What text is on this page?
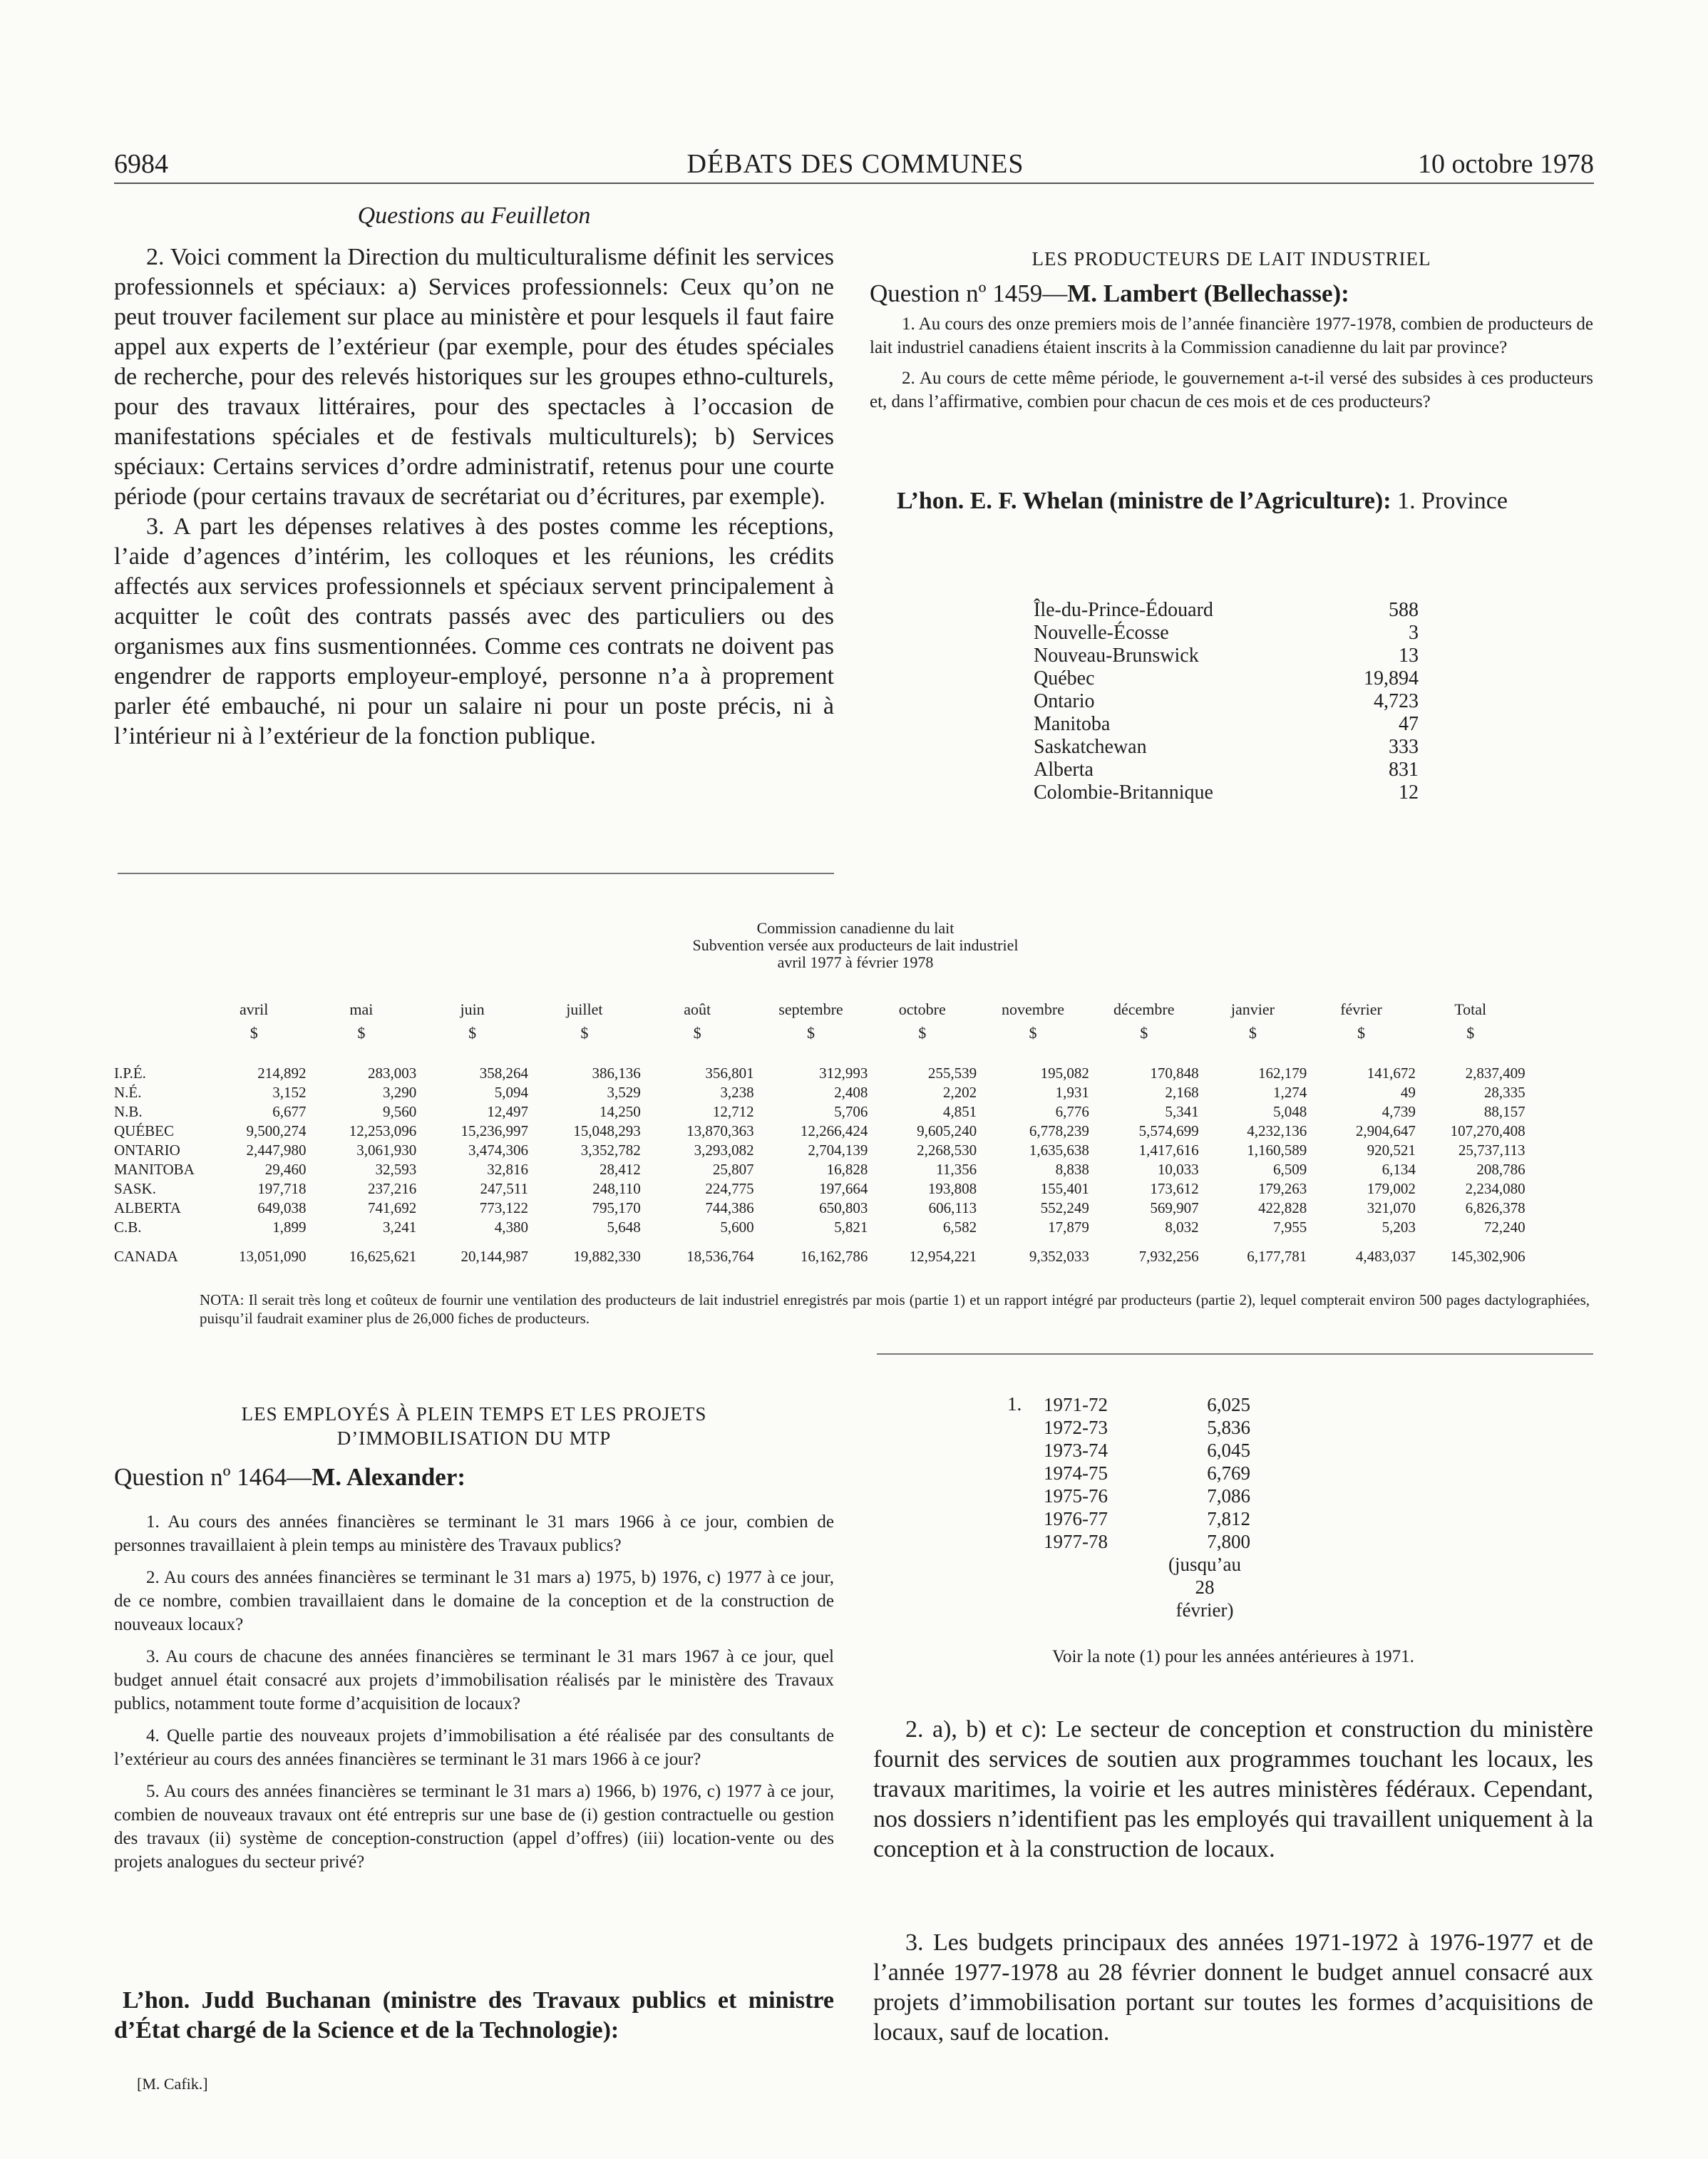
6984	DÉBATS DES COMMUNES	10 octobre 1978
Questions au Feuilleton

2. Voici comment la Direction du multiculturalisme définit les services professionnels et spéciaux: a) Services professionnels: Ceux qu’on ne peut trouver facilement sur place au ministère et pour lesquels il faut faire appel aux experts de l’extérieur (par exemple, pour des études spéciales de recherche, pour des relevés historiques sur les groupes ethno-culturels, pour des travaux littéraires, pour des spectacles à l’occasion de manifestations spéciales et de festivals multiculturels); b) Services spéciaux: Certains services d’ordre administratif, retenus pour une courte période (pour certains travaux de secrétariat ou d’écritures, par exemple).

3. A part les dépenses relatives à des postes comme les réceptions, l’aide d’agences d’intérim, les colloques et les réunions, les crédits affectés aux services professionnels et spéciaux servent principalement à acquitter le coût des contrats passés avec des particuliers ou des organismes aux fins susmentionnées. Comme ces contrats ne doivent pas engendrer de rapports employeur-employé, personne n’a à proprement parler été embauché, ni pour un salaire ni pour un poste précis, ni à l’intérieur ni à l’extérieur de la fonction publique.

LES PRODUCTEURS DE LAIT INDUSTRIEL
Question nº 1459—M. Lambert (Bellechasse):

1. Au cours des onze premiers mois de l’année financière 1977-1978, combien de producteurs de lait industriel canadiens étaient inscrits à la Commission canadienne du lait par province?

2. Au cours de cette même période, le gouvernement a-t-il versé des subsides à ces producteurs et, dans l’affirmative, combien pour chacun de ces mois et de ces producteurs?

L’hon. E. F. Whelan (ministre de l’Agriculture): 1. Province
Île-du-Prince-Édouard	588
Nouvelle-Écosse	3
Nouveau-Brunswick	13
Québec	19,894
Ontario	4,723
Manitoba	47
Saskatchewan	333
Alberta	831
Colombie-Britannique	12
Commission canadienne du lait
Subvention versée aux producteurs de lait industriel
avril 1977 à février 1978
	avril	mai	juin	juillet	août	septembre	octobre	novembre	décembre	janvier	février	Total	
	$	$	$	$	$	$	$	$	$	$	$	$	
I.P.É.	214,892	283,003	358,264	386,136	356,801	312,993	255,539	195,082	170,848	162,179	141,672	2,837,409	
N.É.	3,152	3,290	5,094	3,529	3,238	2,408	2,202	1,931	2,168	1,274	49	28,335	
N.B.	6,677	9,560	12,497	14,250	12,712	5,706	4,851	6,776	5,341	5,048	4,739	88,157	
QUÉBEC	9,500,274	12,253,096	15,236,997	15,048,293	13,870,363	12,266,424	9,605,240	6,778,239	5,574,699	4,232,136	2,904,647	107,270,408	
ONTARIO	2,447,980	3,061,930	3,474,306	3,352,782	3,293,082	2,704,139	2,268,530	1,635,638	1,417,616	1,160,589	920,521	25,737,113	
MANITOBA	29,460	32,593	32,816	28,412	25,807	16,828	11,356	8,838	10,033	6,509	6,134	208,786	
SASK.	197,718	237,216	247,511	248,110	224,775	197,664	193,808	155,401	173,612	179,263	179,002	2,234,080	
ALBERTA	649,038	741,692	773,122	795,170	744,386	650,803	606,113	552,249	569,907	422,828	321,070	6,826,378	
C.B.	1,899	3,241	4,380	5,648	5,600	5,821	6,582	17,879	8,032	7,955	5,203	72,240	
CANADA	13,051,090	16,625,621	20,144,987	19,882,330	18,536,764	16,162,786	12,954,221	9,352,033	7,932,256	6,177,781	4,483,037	145,302,906	
NOTA: Il serait très long et coûteux de fournir une ventilation des producteurs de lait industriel enregistrés par mois (partie 1) et un rapport intégré par producteurs (partie 2), lequel compterait environ 500 pages dactylographiées, puisqu’il faudrait examiner plus de 26,000 fiches de producteurs.
LES EMPLOYÉS À PLEIN TEMPS ET LES PROJETS
D’IMMOBILISATION DU MTP
Question nº 1464—M. Alexander:

1. Au cours des années financières se terminant le 31 mars 1966 à ce jour, combien de personnes travaillaient à plein temps au ministère des Travaux publics?

2. Au cours des années financières se terminant le 31 mars a) 1975, b) 1976, c) 1977 à ce jour, de ce nombre, combien travaillaient dans le domaine de la conception et de la construction de nouveaux locaux?

3. Au cours de chacune des années financières se terminant le 31 mars 1967 à ce jour, quel budget annuel était consacré aux projets d’immobilisation réalisés par le ministère des Travaux publics, notamment toute forme d’acquisition de locaux?

4. Quelle partie des nouveaux projets d’immobilisation a été réalisée par des consultants de l’extérieur au cours des années financières se terminant le 31 mars 1966 à ce jour?

5. Au cours des années financières se terminant le 31 mars a) 1966, b) 1976, c) 1977 à ce jour, combien de nouveaux travaux ont été entrepris sur une base de (i) gestion contractuelle ou gestion des travaux (ii) système de conception-construction (appel d’offres) (iii) location-vente ou des projets analogues du secteur privé?

L’hon. Judd Buchanan (ministre des Travaux publics et ministre d’État chargé de la Science et de la Technologie):
[M. Cafik.]
1. 1971-72	6,025
1972-73	5,836
1973-74	6,045
1974-75	6,769
1975-76	7,086
1976-77	7,812
1977-78	7,800
(jusqu’au
28
février)
Voir la note (1) pour les années antérieures à 1971.

2. a), b) et c): Le secteur de conception et construction du ministère fournit des services de soutien aux programmes touchant les locaux, les travaux maritimes, la voirie et les autres ministères fédéraux. Cependant, nos dossiers n’identifient pas les employés qui travaillent uniquement à la conception et à la construction de locaux.

3. Les budgets principaux des années 1971-1972 à 1976-1977 et de l’année 1977-1978 au 28 février donnent le budget annuel consacré aux projets d’immobilisation portant sur toutes les formes d’acquisitions de locaux, sauf de location.
